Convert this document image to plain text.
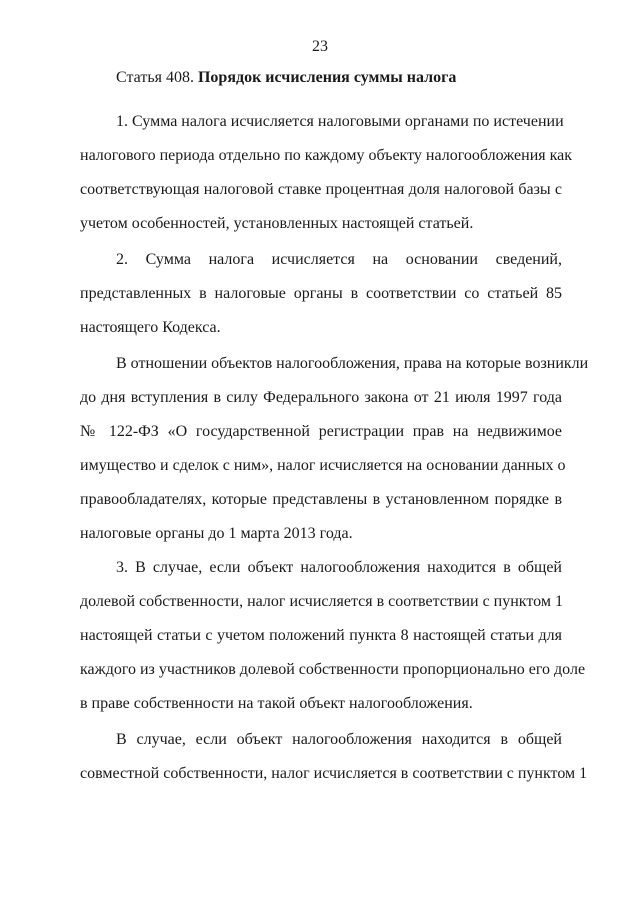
23
Статья 408. Порядок исчисления суммы налога
1. Сумма налога исчисляется налоговыми органами по истечении
налогового периода отдельно по каждому объекту налогообложения как
соответствующая налоговой ставке процентная доля налоговой базы с
учетом особенностей, установленных настоящей статьей.
2. Сумма налога исчисляется на основании сведений,
представленных в налоговые органы в соответствии со статьей 85
настоящего Кодекса.
В отношении объектов налогообложения, права на которые возникли
до дня вступления в силу Федерального закона от 21 июля 1997 года
№ 122-ФЗ «О государственной регистрации прав на недвижимое
имущество и сделок с ним», налог исчисляется на основании данных о
правообладателях, которые представлены в установленном порядке в
налоговые органы до 1 марта 2013 года.
3. В случае, если объект налогообложения находится в общей
долевой собственности, налог исчисляется в соответствии с пунктом 1
настоящей статьи с учетом положений пункта 8 настоящей статьи для
каждого из участников долевой собственности пропорционально его доле
в праве собственности на такой объект налогообложения.
В случае, если объект налогообложения находится в общей
совместной собственности, налог исчисляется в соответствии с пунктом 1
